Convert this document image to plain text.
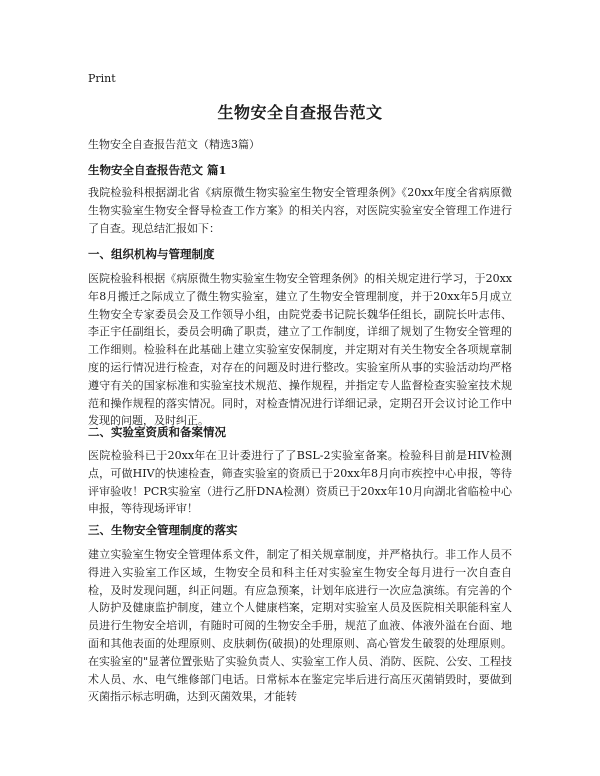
Print
生物安全自查报告范文
生物安全自查报告范文（精选3篇）
生物安全自查报告范文 篇1

我院检验科根据湖北省《病原微生物实验室生物安全管理条例》《20xx年度全省病原微生物实验室生物安全督导检查工作方案》的相关内容，对医院实验室安全管理工作进行了自查。现总结汇报如下：

一、组织机构与管理制度

医院检验科根据《病原微生物实验室生物安全管理条例》的相关规定进行学习，于20xx年8月搬迁之际成立了微生物实验室，建立了生物安全管理制度，并于20xx年5月成立生物安全专家委员会及工作领导小组，由院党委书记院长魏华任组长，副院长叶志伟、李正宇任副组长，委员会明确了职责，建立了工作制度，详细了规划了生物安全管理的工作细则。检验科在此基础上建立实验室安保制度，并定期对有关生物安全各项规章制度的运行情况进行检查，对存在的问题及时进行整改。实验室所从事的实验活动均严格遵守有关的国家标准和实验室技术规范、操作规程，并指定专人监督检查实验室技术规范和操作规程的落实情况。同时，对检查情况进行详细记录，定期召开会议讨论工作中发现的问题，及时纠正。

二、实验室资质和备案情况

医院检验科已于20xx年在卫计委进行了了BSL-2实验室备案。检验科目前是HIV检测点，可做HIV的快速检查，筛查实验室的资质已于20xx年8月向市疾控中心申报，等待评审验收！PCR实验室（进行乙肝DNA检测）资质已于20xx年10月向湖北省临检中心申报，等待现场评审！

三、生物安全管理制度的落实

建立实验室生物安全管理体系文件，制定了相关规章制度，并严格执行。非工作人员不得进入实验室工作区域，生物安全员和科主任对实验室生物安全每月进行一次自查自检，及时发现问题，纠正问题。有应急预案，计划年底进行一次应急演练。有完善的个人防护及健康监护制度，建立个人健康档案，定期对实验室人员及医院相关职能科室人员进行生物安全培训，有随时可阅的生物安全手册，规范了血液、体液外溢在台面、地面和其他表面的处理原则、皮肤刺伤(破损)的处理原则、高心管发生破裂的处理原则。在实验室的"显著位置张贴了实验负责人、实验室工作人员、消防、医院、公安、工程技术人员、水、电气维修部门电话。日常标本在鉴定完毕后进行高压灭菌销毁时，要做到灭菌指示标志明确，达到灭菌效果，才能转
